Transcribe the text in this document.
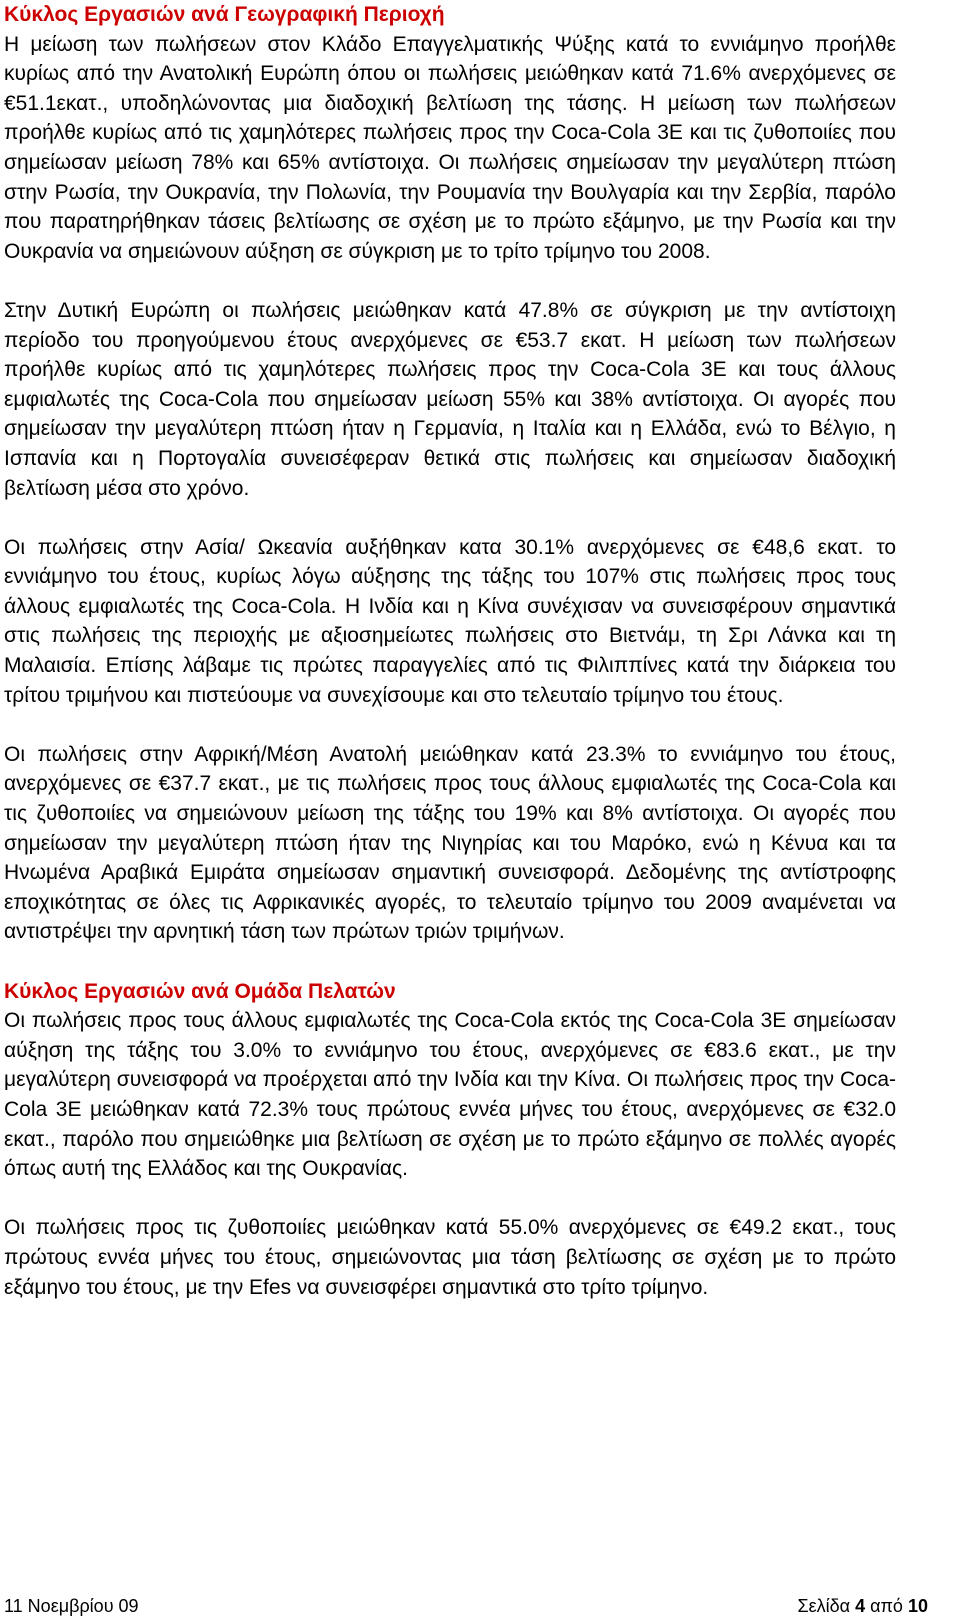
Κύκλος Εργασιών ανά Γεωγραφική Περιοχή

Η μείωση των πωλήσεων στον Κλάδο Επαγγελματικής Ψύξης κατά το εννιάμηνο προήλθε κυρίως από την Ανατολική Ευρώπη όπου οι πωλήσεις μειώθηκαν κατά 71.6% ανερχόμενες σε €51.1εκατ., υποδηλώνοντας μια διαδοχική βελτίωση της τάσης. Η μείωση των πωλήσεων προήλθε κυρίως από τις χαμηλότερες πωλήσεις προς την Coca-Cola 3E και τις ζυθοποιίες που σημείωσαν μείωση 78% και 65% αντίστοιχα. Οι πωλήσεις σημείωσαν την μεγαλύτερη πτώση στην Ρωσία, την Ουκρανία, την Πολωνία, την Ρουμανία την Βουλγαρία και την Σερβία, παρόλο που παρατηρήθηκαν τάσεις βελτίωσης σε σχέση με το πρώτο εξάμηνο, με την Ρωσία και την Ουκρανία να σημειώνουν αύξηση σε σύγκριση με το τρίτο τρίμηνο του 2008.

Στην Δυτική Ευρώπη οι πωλήσεις μειώθηκαν κατά 47.8% σε σύγκριση με την αντίστοιχη περίοδο του προηγούμενου έτους ανερχόμενες σε €53.7 εκατ. Η μείωση των πωλήσεων προήλθε κυρίως από τις χαμηλότερες πωλήσεις προς την Coca-Cola 3E και τους άλλους εμφιαλωτές της Coca-Cola που σημείωσαν μείωση 55% και 38% αντίστοιχα. Οι αγορές που σημείωσαν την μεγαλύτερη πτώση ήταν η Γερμανία, η Ιταλία και η Ελλάδα, ενώ το Βέλγιο, η Ισπανία και η Πορτογαλία συνεισέφεραν θετικά στις πωλήσεις και σημείωσαν διαδοχική βελτίωση μέσα στο χρόνο.

Οι πωλήσεις στην Ασία/ Ωκεανία αυξήθηκαν κατα 30.1% ανερχόμενες σε €48,6 εκατ. το εννιάμηνο του έτους, κυρίως λόγω αύξησης της τάξης του 107% στις πωλήσεις προς τους άλλους εμφιαλωτές της Coca-Cola. Η Ινδία και η Κίνα συνέχισαν να συνεισφέρουν σημαντικά στις πωλήσεις της περιοχής με αξιοσημείωτες πωλήσεις στο Βιετνάμ, τη Σρι Λάνκα και τη Μαλαισία. Επίσης λάβαμε τις πρώτες παραγγελίες από τις Φιλιππίνες κατά την διάρκεια του τρίτου τριμήνου και πιστεύουμε να συνεχίσουμε και στο τελευταίο τρίμηνο του έτους.

Οι πωλήσεις στην Αφρική/Μέση Ανατολή μειώθηκαν κατά 23.3% το εννιάμηνο του έτους, ανερχόμενες σε €37.7 εκατ., με τις πωλήσεις προς τους άλλους εμφιαλωτές της Coca-Cola και τις ζυθοποιίες να σημειώνουν μείωση της τάξης του 19% και 8% αντίστοιχα. Οι αγορές που σημείωσαν την μεγαλύτερη πτώση ήταν της Νιγηρίας και του Μαρόκο, ενώ η Κένυα και τα Ηνωμένα Αραβικά Εμιράτα σημείωσαν σημαντική συνεισφορά. Δεδομένης της αντίστροφης εποχικότητας σε όλες τις Αφρικανικές αγορές, το τελευταίο τρίμηνο του 2009 αναμένεται να αντιστρέψει την αρνητική τάση των πρώτων τριών τριμήνων.

Κύκλος Εργασιών ανά Ομάδα Πελατών

Οι πωλήσεις προς τους άλλους εμφιαλωτές της Coca-Cola εκτός της Coca-Cola 3E σημείωσαν αύξηση της τάξης του 3.0% το εννιάμηνο του έτους, ανερχόμενες σε €83.6 εκατ., με την μεγαλύτερη συνεισφορά να προέρχεται από την Ινδία και την Κίνα. Οι πωλήσεις προς την Coca-Cola 3E μειώθηκαν κατά 72.3% τους πρώτους εννέα μήνες του έτους, ανερχόμενες σε €32.0 εκατ., παρόλο που σημειώθηκε μια βελτίωση σε σχέση με το πρώτο εξάμηνο σε πολλές αγορές όπως αυτή της Ελλάδος και της Ουκρανίας.

Οι πωλήσεις προς τις ζυθοποιίες μειώθηκαν κατά 55.0% ανερχόμενες σε €49.2 εκατ., τους πρώτους εννέα μήνες του έτους, σημειώνοντας μια τάση βελτίωσης σε σχέση με το πρώτο εξάμηνο του έτους, με την Efes να συνεισφέρει σημαντικά στο τρίτο τρίμηνο.

11 Νοεμβρίου 09	Σελίδα 4 από 10
